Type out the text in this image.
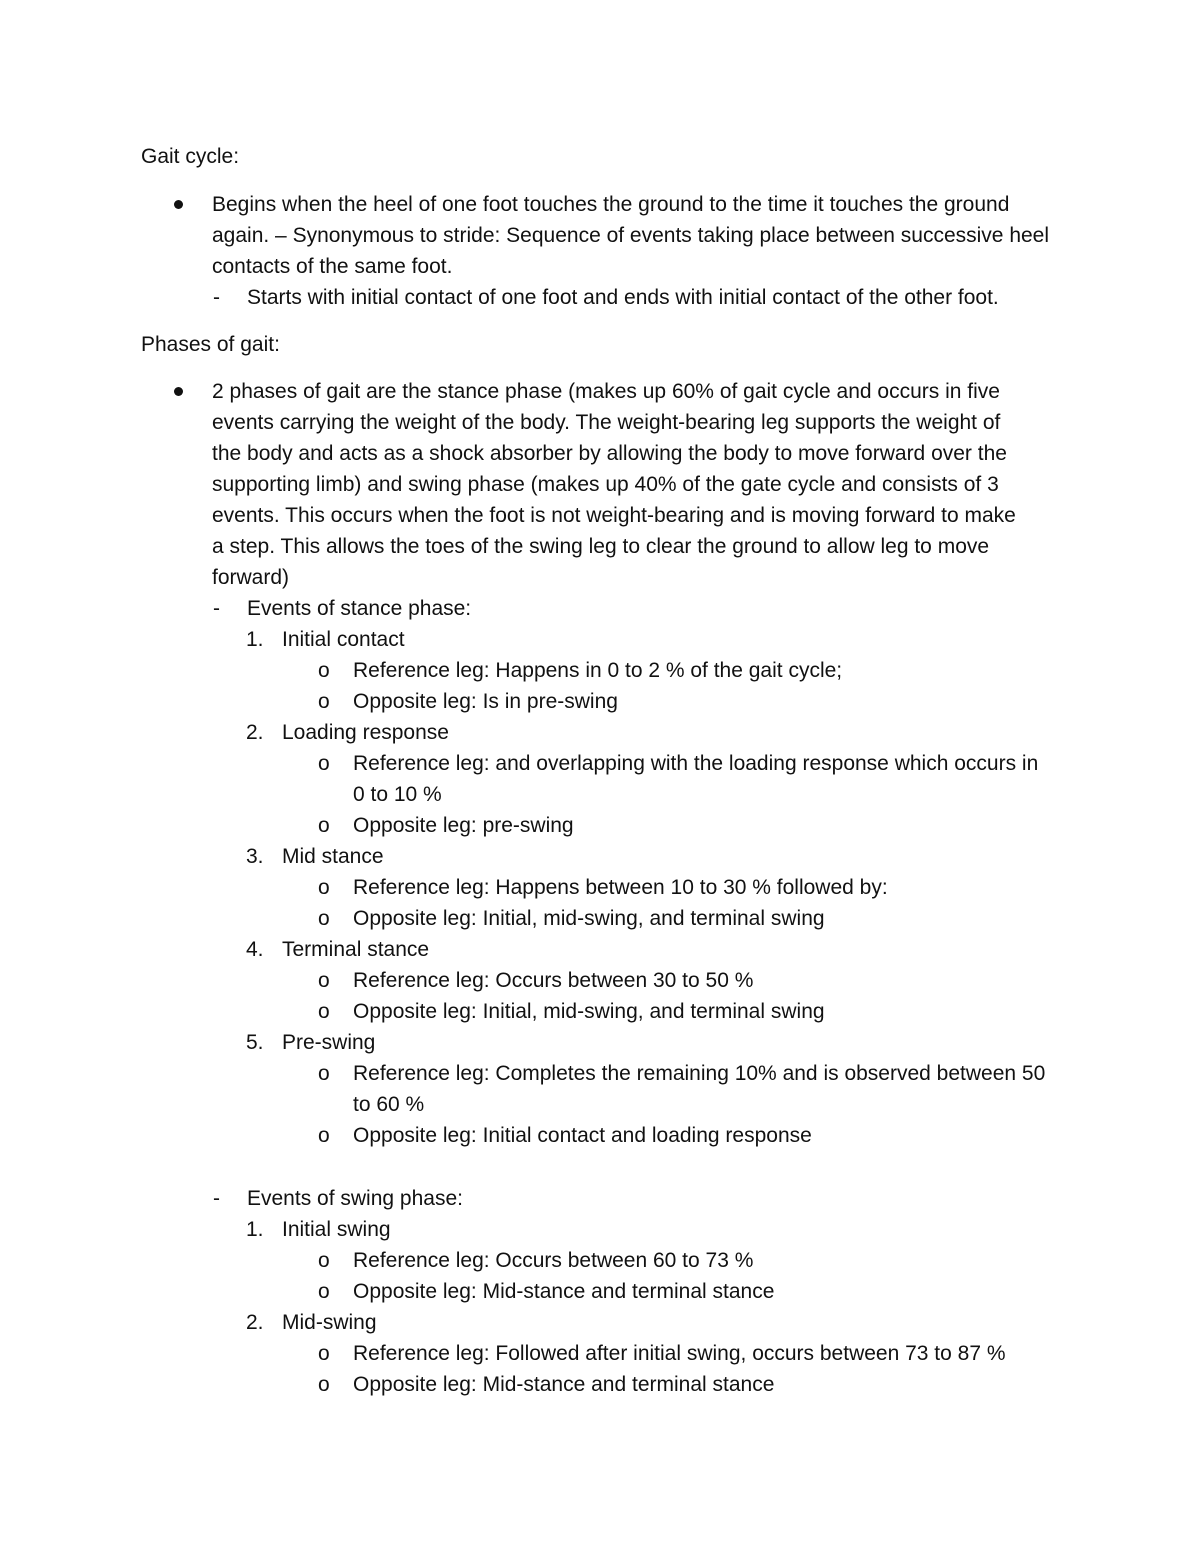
Gait cycle:
Begins when the heel of one foot touches the ground to the time it touches the ground
again. – Synonymous to stride: Sequence of events taking place between successive heel
contacts of the same foot.
- Starts with initial contact of one foot and ends with initial contact of the other foot.
Phases of gait:
2 phases of gait are the stance phase (makes up 60% of gait cycle and occurs in five
events carrying the weight of the body. The weight-bearing leg supports the weight of
the body and acts as a shock absorber by allowing the body to move forward over the
supporting limb) and swing phase (makes up 40% of the gate cycle and consists of 3
events. This occurs when the foot is not weight-bearing and is moving forward to make
a step. This allows the toes of the swing leg to clear the ground to allow leg to move
forward)
- Events of stance phase:
1. Initial contact
o Reference leg: Happens in 0 to 2 % of the gait cycle;
o Opposite leg: Is in pre-swing
2. Loading response
o Reference leg: and overlapping with the loading response which occurs in
0 to 10 %
o Opposite leg: pre-swing
3. Mid stance
o Reference leg: Happens between 10 to 30 % followed by:
o Opposite leg: Initial, mid-swing, and terminal swing
4. Terminal stance
o Reference leg: Occurs between 30 to 50 %
o Opposite leg: Initial, mid-swing, and terminal swing
5. Pre-swing
o Reference leg: Completes the remaining 10% and is observed between 50
to 60 %
o Opposite leg: Initial contact and loading response
- Events of swing phase:
1. Initial swing
o Reference leg: Occurs between 60 to 73 %
o Opposite leg: Mid-stance and terminal stance
2. Mid-swing
o Reference leg: Followed after initial swing, occurs between 73 to 87 %
o Opposite leg: Mid-stance and terminal stance
